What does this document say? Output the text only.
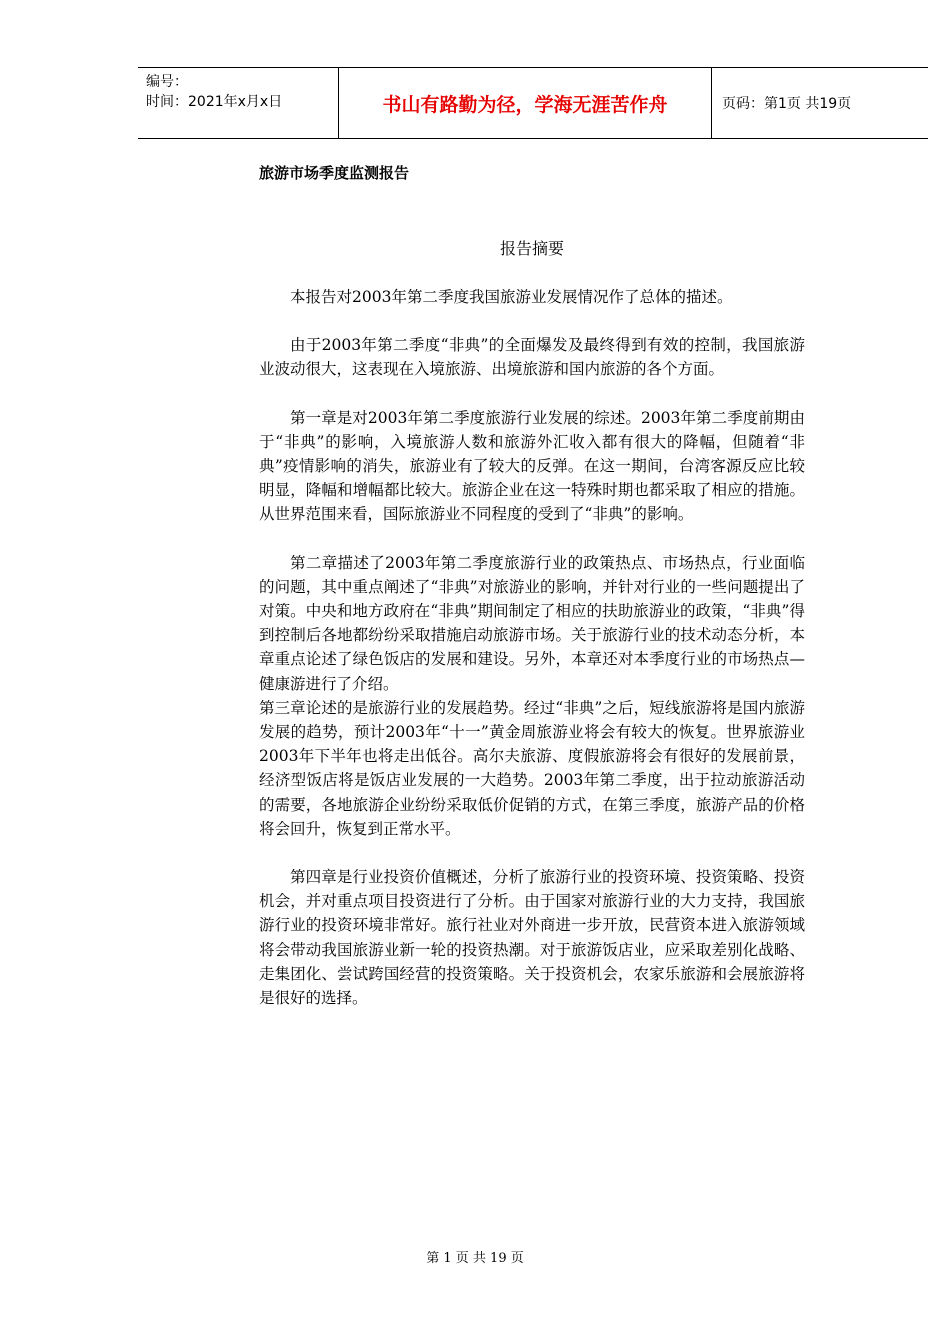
编号：
时间：2021年x月x日	书山有路勤为径，学海无涯苦作舟	页码：第1页 共19页
旅游市场季度监测报告
报告摘要

本报告对2003年第二季度我国旅游业发展情况作了总体的描述。

由于2003年第二季度“非典”的全面爆发及最终得到有效的控制，我国旅游业波动很大，这表现在入境旅游、出境旅游和国内旅游的各个方面。

第一章是对2003年第二季度旅游行业发展的综述。2003年第二季度前期由于“非典”的影响，入境旅游人数和旅游外汇收入都有很大的降幅，但随着“非典”疫情影响的消失，旅游业有了较大的反弹。在这一期间，台湾客源反应比较明显，降幅和增幅都比较大。旅游企业在这一特殊时期也都采取了相应的措施。从世界范围来看，国际旅游业不同程度的受到了“非典”的影响。

第二章描述了2003年第二季度旅游行业的政策热点、市场热点，行业面临的问题，其中重点阐述了“非典”对旅游业的影响，并针对行业的一些问题提出了对策。中央和地方政府在“非典”期间制定了相应的扶助旅游业的政策，“非典”得到控制后各地都纷纷采取措施启动旅游市场。关于旅游行业的技术动态分析，本章重点论述了绿色饭店的发展和建设。另外，本章还对本季度行业的市场热点—健康游进行了介绍。

第三章论述的是旅游行业的发展趋势。经过“非典”之后，短线旅游将是国内旅游发展的趋势，预计2003年“十一”黄金周旅游业将会有较大的恢复。世界旅游业2003年下半年也将走出低谷。高尔夫旅游、度假旅游将会有很好的发展前景，经济型饭店将是饭店业发展的一大趋势。2003年第二季度，出于拉动旅游活动的需要，各地旅游企业纷纷采取低价促销的方式，在第三季度，旅游产品的价格将会回升，恢复到正常水平。

第四章是行业投资价值概述，分析了旅游行业的投资环境、投资策略、投资机会，并对重点项目投资进行了分析。由于国家对旅游行业的大力支持，我国旅游行业的投资环境非常好。旅行社业对外商进一步开放，民营资本进入旅游领域将会带动我国旅游业新一轮的投资热潮。对于旅游饭店业，应采取差别化战略、走集团化、尝试跨国经营的投资策略。关于投资机会，农家乐旅游和会展旅游将是很好的选择。

第 1 页 共 19 页
